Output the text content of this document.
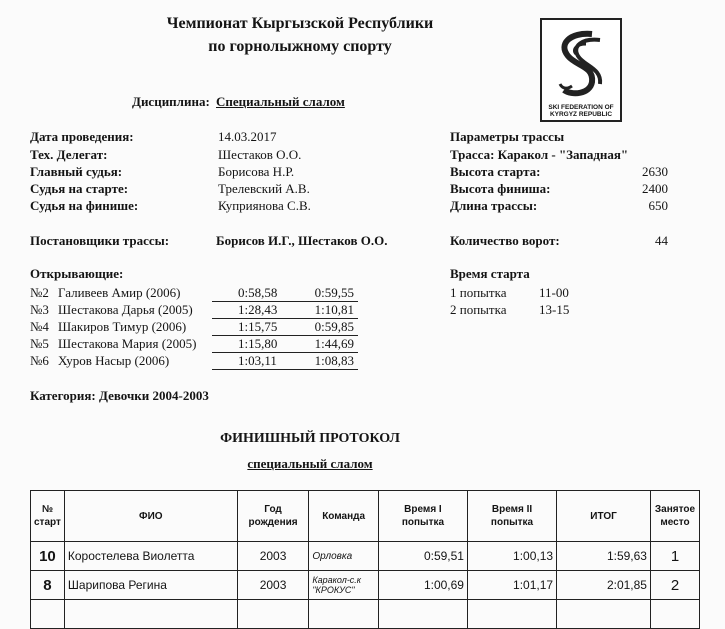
Чемпионат Кыргызской Республики
по горнолыжному спорту
Дисциплина: Специальный слалом	SKI FEDERATION OF
KYRGYZ REPUBLIC
Дата проведения:	14.03.2017
Тех. Делегат:	Шестаков О.О.
Главный судья:	Борисова Н.Р.
Судья на старте:	Трелевский А.В.
Судья на финише:	Куприянова С.В.
Параметры трассы
Трасса: Каракол - "Западная"
Высота старта:	2630
Высота финиша:	2400
Длина трассы:	650
Постановщики трассы:	Борисов И.Г., Шестаков О.О.	Количество ворот:	44
Открывающие:
№2 Галивеев Амир (2006)	0:58,58	0:59,55

№3 Шестакова Дарья (2005)	1:28,43	1:10,81

№4 Шакиров Тимур (2006)	1:15,75	0:59,85

№5 Шестакова Мария (2005)	1:15,80	1:44,69

№6 Хуров Насыр (2006)	1:03,11	1:08,83

Время старта
1 попытка	11-00
2 попытка	13-15
Категория: Девочки 2004-2003
ФИНИШНЫЙ ПРОТОКОЛ
специальный слалом
№ старт	ФИО	Год рождения	Команда	Время I попытка	Время II попытка	ИТОГ	Занятое место
10	Коростелева Виолетта	2003	Орловка	0:59,51	1:00,13	1:59,63	1
8	Шарипова Регина	2003	Каракол-с.к "КРОКУС"	1:00,69	1:01,17	2:01,85	2
